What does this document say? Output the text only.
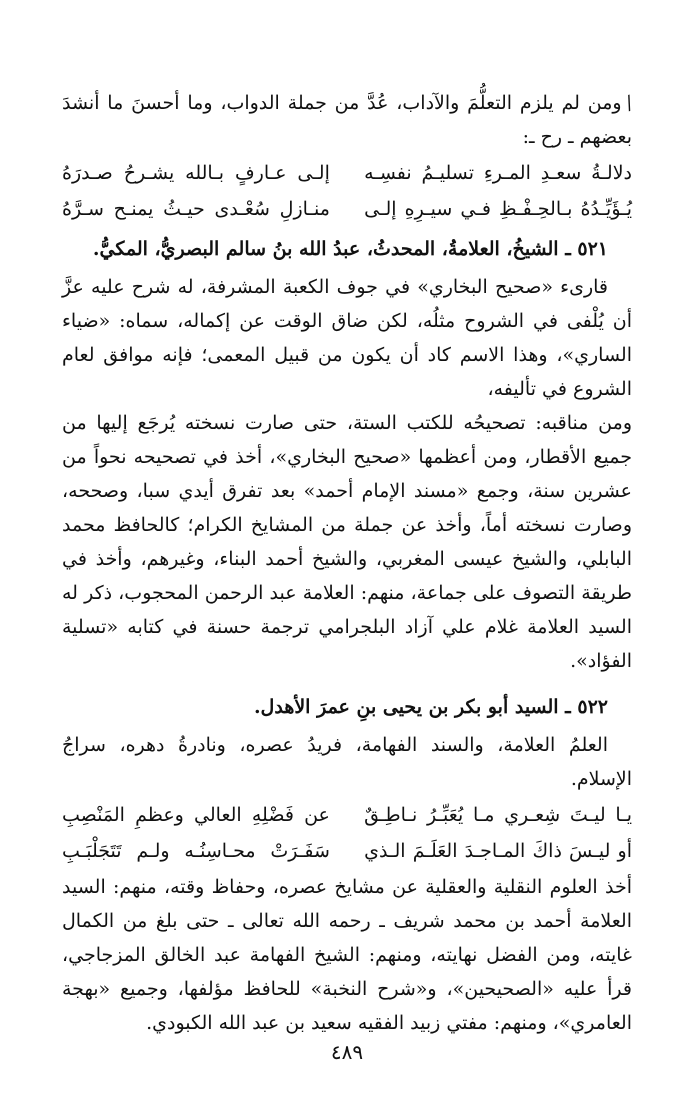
/ومن لم يلزم التعلُّمَ والآداب، عُدَّ من جملة الدواب، وما أحسنَ ما أنشدَ بعضهم ـ رح ـ:

دلالـةُ سعـدِ المـرءِ تسليـمُ نفسِـه
إلـى عـارفٍ بـالله يشـرحُ صـدرَهُ
يُـؤَيِّـدُهُ بـالحِـفْـظِ فـي سيـرِهِ إلـى
منـازلِ سُعْـدى حيـثُ يمنـح سـرَّهُ

٥٢١ ـ الشيخُ، العلامةُ، المحدثُ، عبدُ الله بنُ سالم البصريُّ، المكيُّ.

قارىء «صحيح البخاري» في جوف الكعبة المشرفة، له شرح عليه عزَّ أن يُلْفى في الشروح مثلُه، لكن ضاق الوقت عن إكماله، سماه: «ضياء الساري»، وهذا الاسم كاد أن يكون من قبيل المعمى؛ فإنه موافق لعام الشروع في تأليفه،

ومن مناقبه: تصحيحُه للكتب الستة، حتى صارت نسخته يُرجَع إليها من جميع الأقطار، ومن أعظمها «صحيح البخاري»، أخذ في تصحيحه نحواً من عشرين سنة، وجمع «مسند الإمام أحمد» بعد تفرق أيدي سبا، وصححه، وصارت نسخته أماً، وأخذ عن جملة من المشايخ الكرام؛ كالحافظ محمد البابلي، والشيخ عيسى المغربي، والشيخ أحمد البناء، وغيرهم، وأخذ في طريقة التصوف على جماعة، منهم: العلامة عبد الرحمن المحجوب، ذكر له السيد العلامة غلام علي آزاد البلجرامي ترجمة حسنة في كتابه «تسلية الفؤاد».

٥٢٢ ـ السيد أبو بكر بن يحيى بنِ عمرَ الأهدل.

العلمُ العلامة، والسند الفهامة، فريدُ عصره، ونادرةُ دهره، سراجُ الإسلام.

يـا ليـتَ شِعـري مـا يُعَبِّـرُ نـاطِـقٌ
عن فَضْلِهِ العالي وعظمِ المَنْصِبِ
أو ليـسَ ذاكَ المـاجـدَ العَلَـمَ الـذي
سَفَـرَتْ محـاسِنُـه ولـم تَتَجَلْبَـبِ

أخذ العلوم النقلية والعقلية عن مشايخ عصره، وحفاظ وقته، منهم: السيد العلامة أحمد بن محمد شريف ـ رحمه الله تعالى ـ حتى بلغ من الكمال غايته، ومن الفضل نهايته، ومنهم: الشيخ الفهامة عبد الخالق المزجاجي، قرأ عليه «الصحيحين»، و«شرح النخبة» للحافظ مؤلفها، وجميع «بهجة العامري»، ومنهم: مفتي زبيد الفقيه سعيد بن عبد الله الكبودي.

٤٨٩
